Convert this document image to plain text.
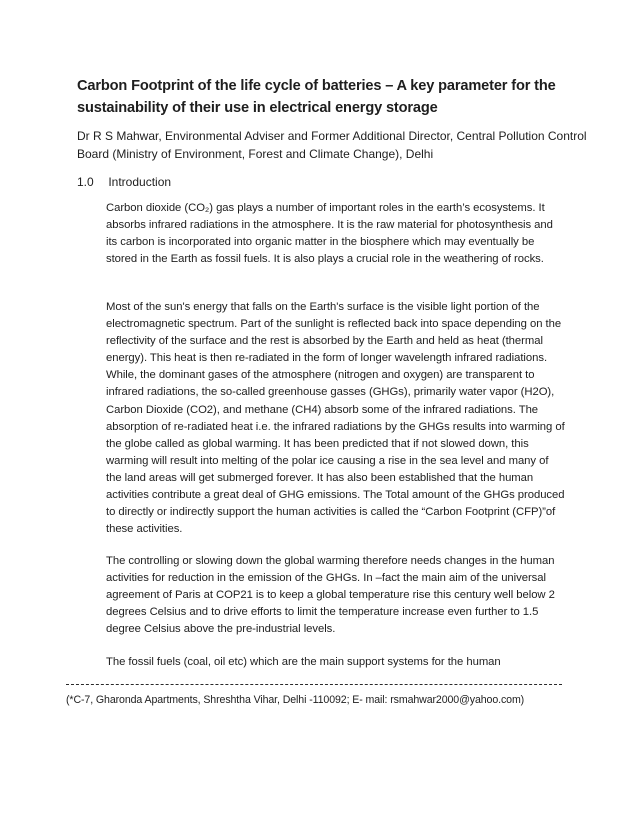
Carbon Footprint of the life cycle of batteries – A key parameter for the sustainability of their use in electrical energy storage

Dr R S Mahwar, Environmental Adviser and Former Additional Director, Central Pollution Control Board (Ministry of Environment, Forest and Climate Change), Delhi

1.0 Introduction

Carbon dioxide (CO₂) gas plays a number of important roles in the earth’s ecosystems. It absorbs infrared radiations in the atmosphere. It is the raw material for photosynthesis and its carbon is incorporated into organic matter in the biosphere which may eventually be stored in the Earth as fossil fuels. It is also plays a crucial role in the weathering of rocks.

Most of the sun's energy that falls on the Earth's surface is the visible light portion of the electromagnetic spectrum. Part of the sunlight is reflected back into space depending on the reflectivity of the surface and the rest is absorbed by the Earth and held as heat (thermal energy). This heat is then re-radiated in the form of longer wavelength infrared radiations. While, the dominant gases of the atmosphere (nitrogen and oxygen) are transparent to infrared radiations, the so-called greenhouse gasses (GHGs), primarily water vapor (H2O), Carbon Dioxide (CO2), and methane (CH4) absorb some of the infrared radiations. The absorption of re-radiated heat i.e. the infrared radiations by the GHGs results into warming of the globe called as global warming. It has been predicted that if not slowed down, this warming will result into melting of the polar ice causing a rise in the sea level and many of the land areas will get submerged forever. It has also been established that the human activities contribute a great deal of GHG emissions. The Total amount of the GHGs produced to directly or indirectly support the human activities is called the “Carbon Footprint (CFP)”of these activities.

The controlling or slowing down the global warming therefore needs changes in the human activities for reduction in the emission of the GHGs. In –fact the main aim of the universal agreement of Paris at COP21 is to keep a global temperature rise this century well below 2 degrees Celsius and to drive efforts to limit the temperature increase even further to 1.5 degree Celsius above the pre-industrial levels.

The fossil fuels (coal, oil etc) which are the main support systems for the human

(*C-7, Gharonda Apartments, Shreshtha Vihar, Delhi -110092; E- mail: rsmahwar2000@yahoo.com)
